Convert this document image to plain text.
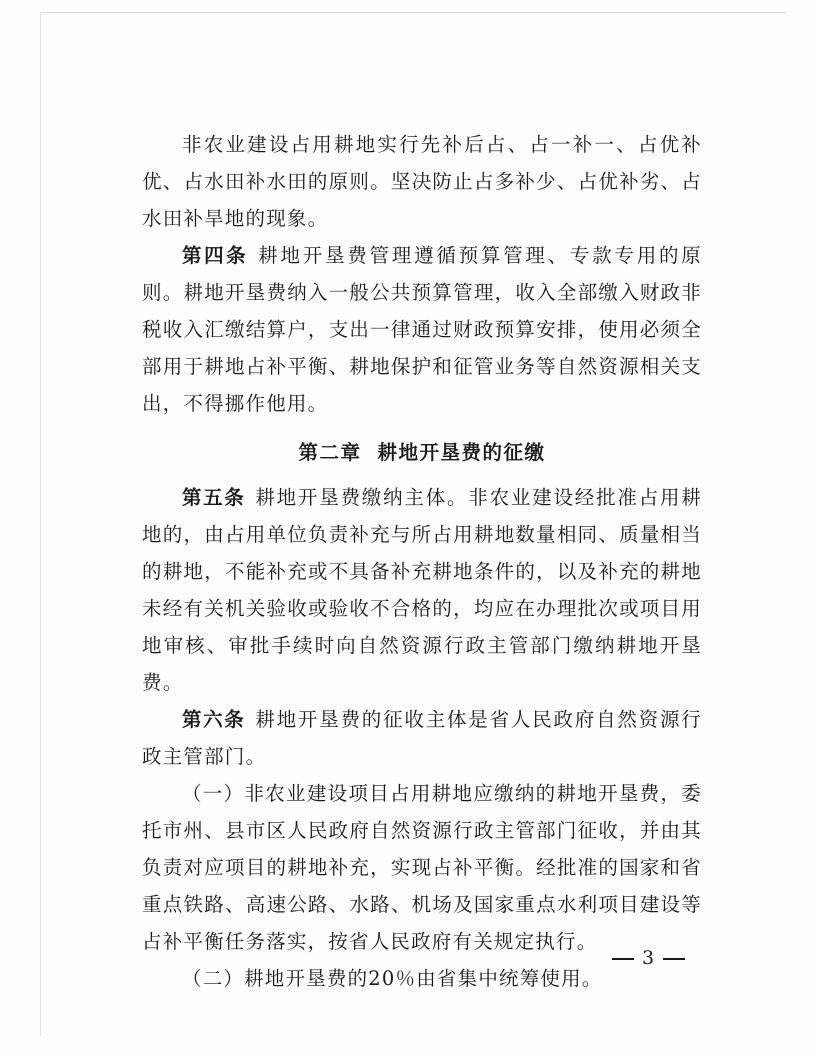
非农业建设占用耕地实行先补后占、占一补一、占优补优、占水田补水田的原则。坚决防止占多补少、占优补劣、占水田补旱地的现象。

第四条 耕地开垦费管理遵循预算管理、专款专用的原则。耕地开垦费纳入一般公共预算管理，收入全部缴入财政非税收入汇缴结算户，支出一律通过财政预算安排，使用必须全部用于耕地占补平衡、耕地保护和征管业务等自然资源相关支出，不得挪作他用。

第二章 耕地开垦费的征缴

第五条 耕地开垦费缴纳主体。非农业建设经批准占用耕地的，由占用单位负责补充与所占用耕地数量相同、质量相当的耕地，不能补充或不具备补充耕地条件的，以及补充的耕地未经有关机关验收或验收不合格的，均应在办理批次或项目用地审核、审批手续时向自然资源行政主管部门缴纳耕地开垦费。

第六条 耕地开垦费的征收主体是省人民政府自然资源行政主管部门。

（一）非农业建设项目占用耕地应缴纳的耕地开垦费，委托市州、县市区人民政府自然资源行政主管部门征收，并由其负责对应项目的耕地补充，实现占补平衡。经批准的国家和省重点铁路、高速公路、水路、机场及国家重点水利项目建设等占补平衡任务落实，按省人民政府有关规定执行。

（二）耕地开垦费的20％由省集中统筹使用。

3
